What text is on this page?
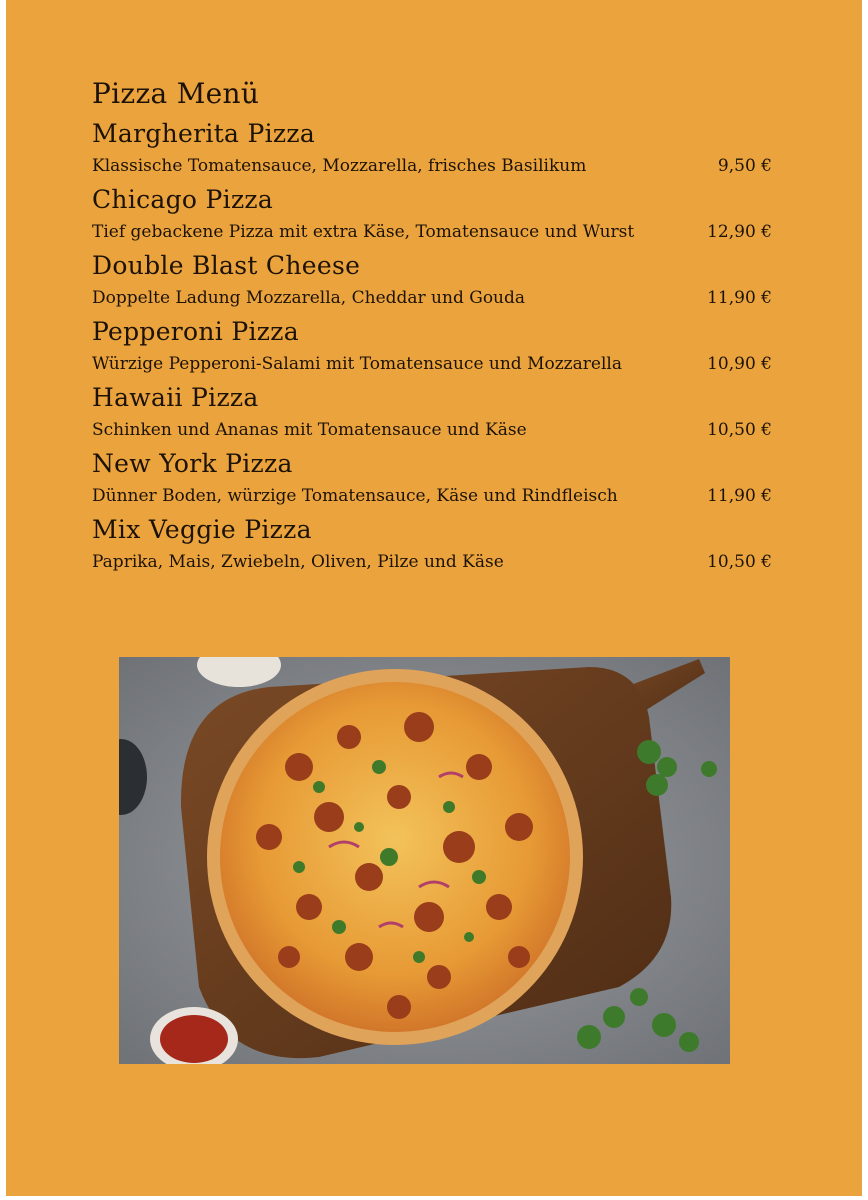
Pizza Menü
Margherita Pizza
Klassische Tomatensauce, Mozzarella, frisches Basilikum	9,50 €
Chicago Pizza
Tief gebackene Pizza mit extra Käse, Tomatensauce und Wurst	12,90 €
Double Blast Cheese
Doppelte Ladung Mozzarella, Cheddar und Gouda	11,90 €
Pepperoni Pizza
Würzige Pepperoni-Salami mit Tomatensauce und Mozzarella	10,90 €
Hawaii Pizza
Schinken und Ananas mit Tomatensauce und Käse	10,50 €
New York Pizza
Dünner Boden, würzige Tomatensauce, Käse und Rindfleisch	11,90 €
Mix Veggie Pizza
Paprika, Mais, Zwiebeln, Oliven, Pilze und Käse	10,50 €
